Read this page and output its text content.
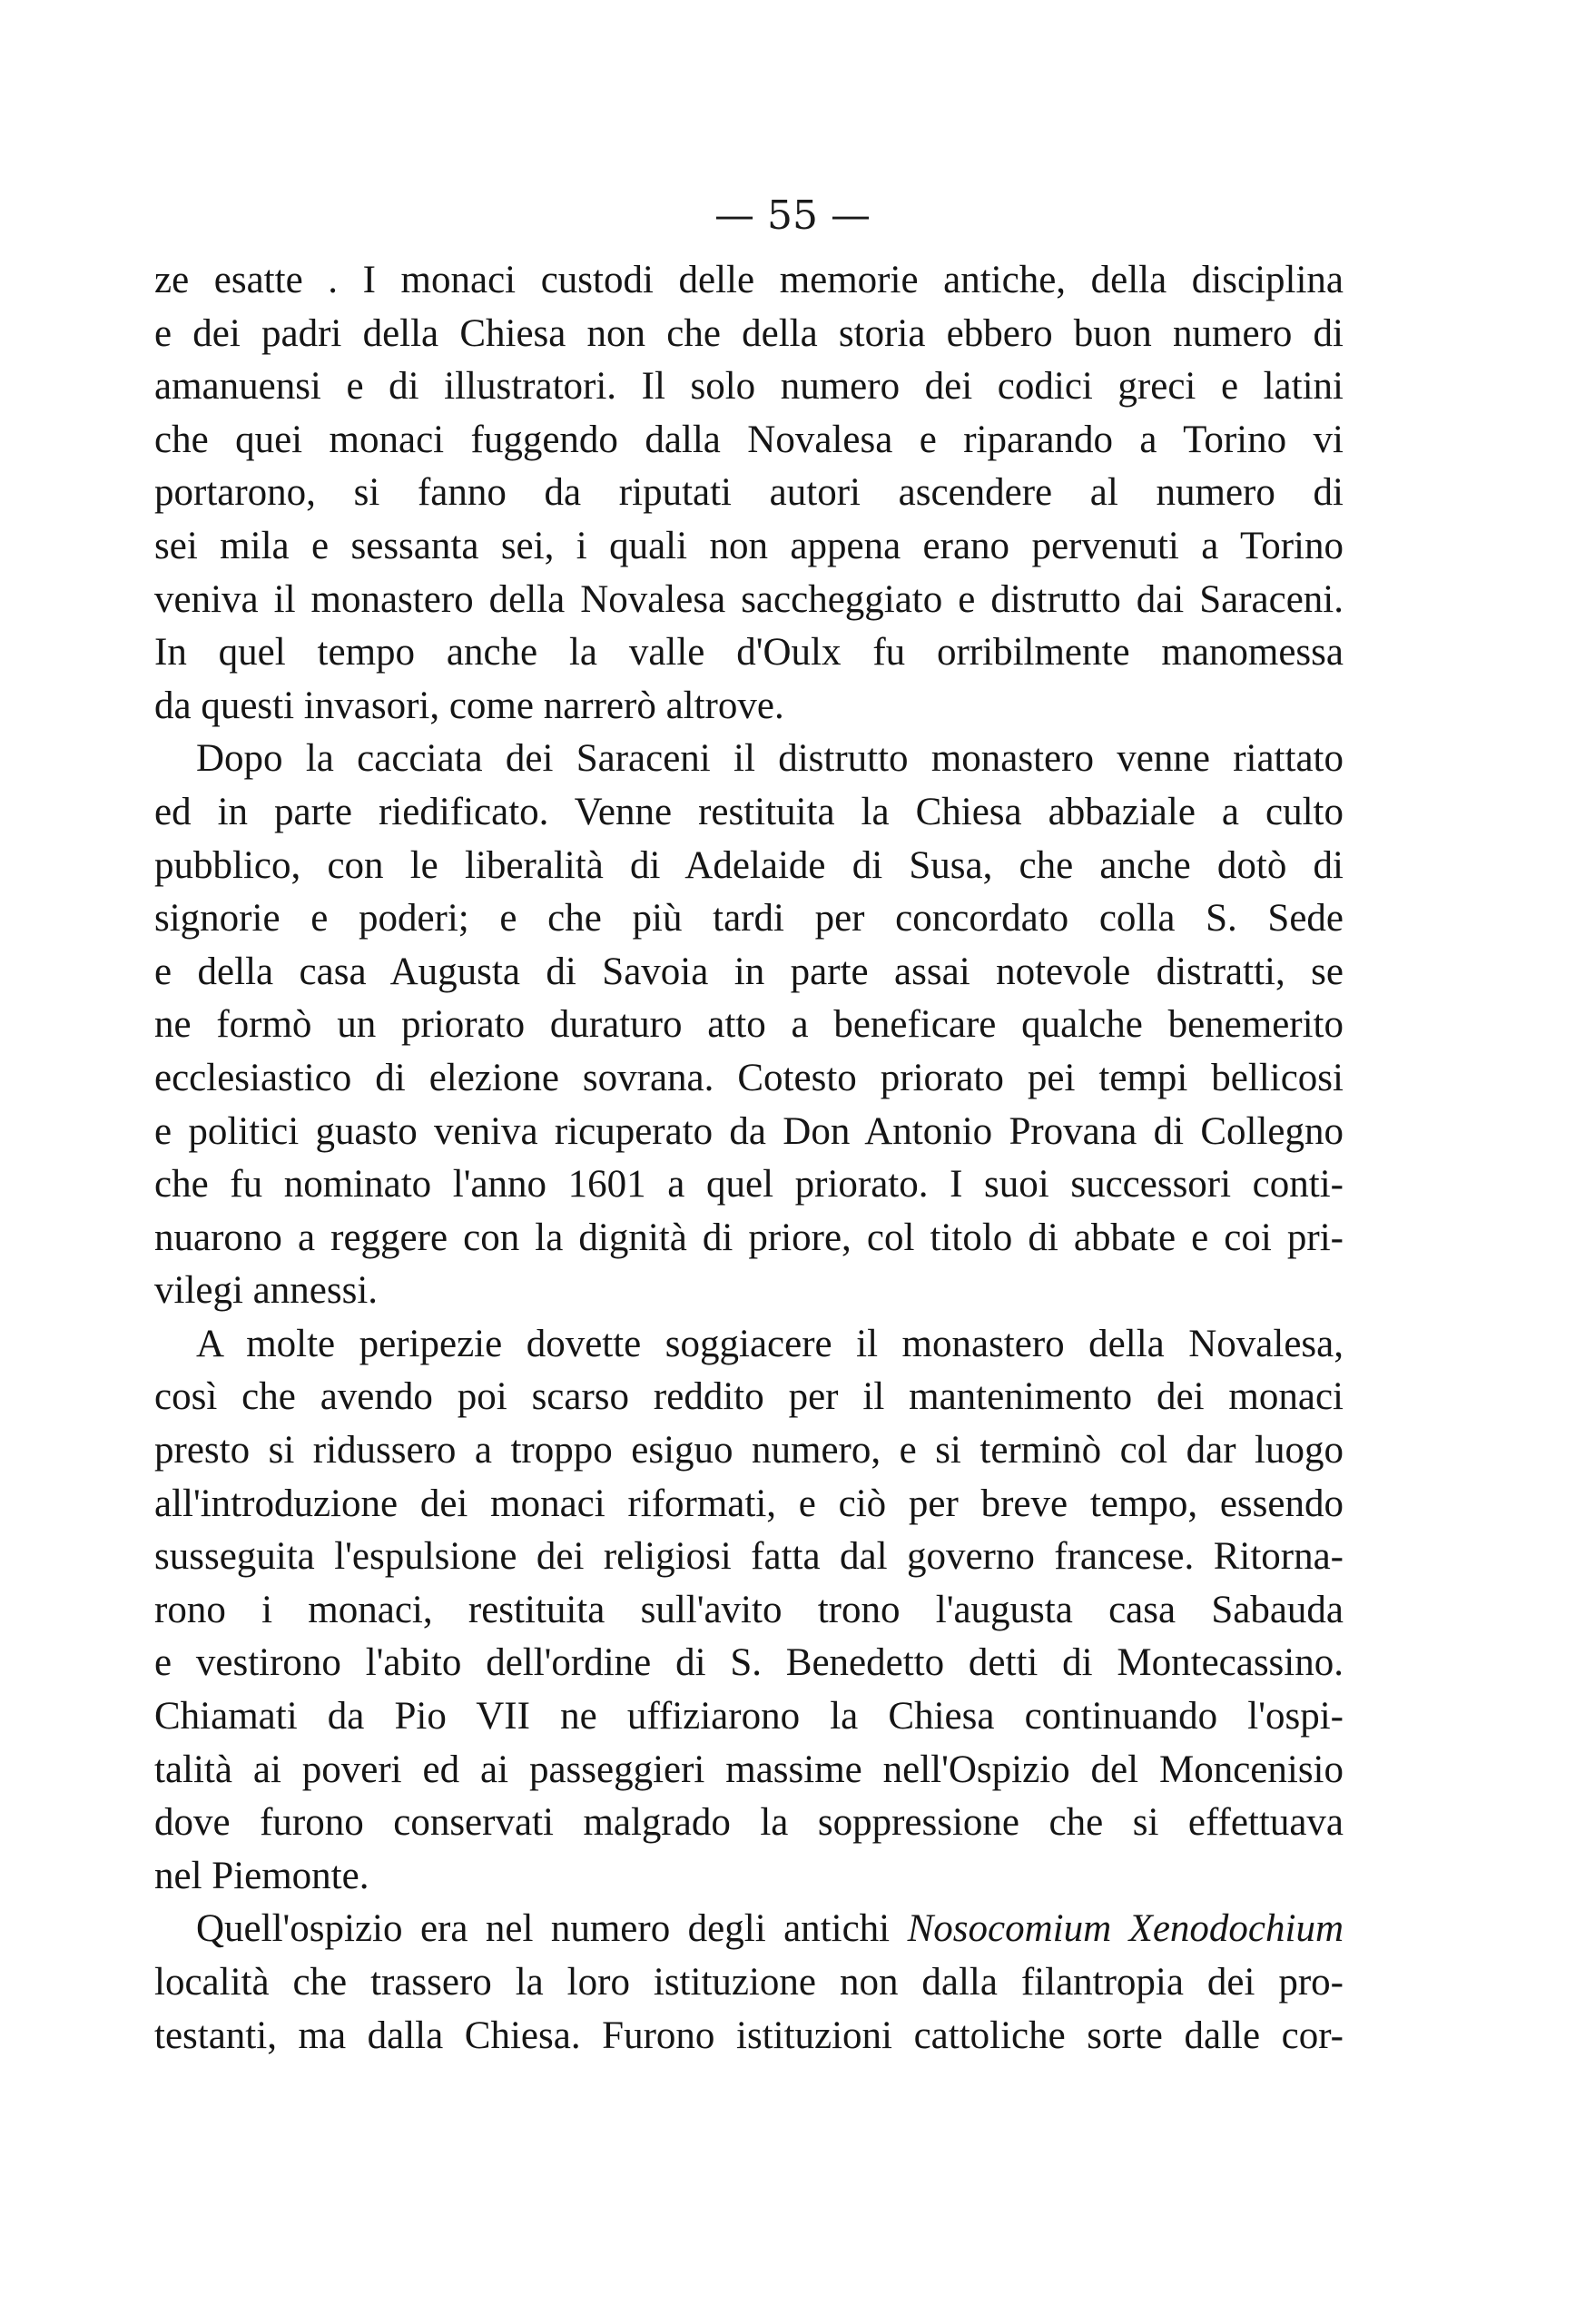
— 55 —
ze esatte . I monaci custodi delle memorie antiche, della disciplina
e dei padri della Chiesa non che della storia ebbero buon numero di
amanuensi e di illustratori. Il solo numero dei codici greci e latini
che quei monaci fuggendo dalla Novalesa e riparando a Torino vi
portarono, si fanno da riputati autori ascendere al numero di
sei mila e sessanta sei, i quali non appena erano pervenuti a Torino
veniva il monastero della Novalesa saccheggiato e distrutto dai Saraceni.
In quel tempo anche la valle d'Oulx fu orribilmente manomessa
da questi invasori, come narrerò altrove.
Dopo la cacciata dei Saraceni il distrutto monastero venne riattato
ed in parte riedificato. Venne restituita la Chiesa abbaziale a culto
pubblico, con le liberalità di Adelaide di Susa, che anche dotò di
signorie e poderi; e che più tardi per concordato colla S. Sede
e della casa Augusta di Savoia in parte assai notevole distratti, se
ne formò un priorato duraturo atto a beneficare qualche benemerito
ecclesiastico di elezione sovrana. Cotesto priorato pei tempi bellicosi
e politici guasto veniva ricuperato da Don Antonio Provana di Collegno
che fu nominato l'anno 1601 a quel priorato. I suoi successori conti-
nuarono a reggere con la dignità di priore, col titolo di abbate e coi pri-
vilegi annessi.
A molte peripezie dovette soggiacere il monastero della Novalesa,
così che avendo poi scarso reddito per il mantenimento dei monaci
presto si ridussero a troppo esiguo numero, e si terminò col dar luogo
all'introduzione dei monaci riformati, e ciò per breve tempo, essendo
susseguita l'espulsione dei religiosi fatta dal governo francese. Ritorna-
rono i monaci, restituita sull'avito trono l'augusta casa Sabauda
e vestirono l'abito dell'ordine di S. Benedetto detti di Montecassino.
Chiamati da Pio VII ne uffiziarono la Chiesa continuando l'ospi-
talità ai poveri ed ai passeggieri massime nell'Ospizio del Moncenisio
dove furono conservati malgrado la soppressione che si effettuava
nel Piemonte.
Quell'ospizio era nel numero degli antichi Nosocomium Xenodochium
località che trassero la loro istituzione non dalla filantropia dei pro-
testanti, ma dalla Chiesa. Furono istituzioni cattoliche sorte dalle cor-
